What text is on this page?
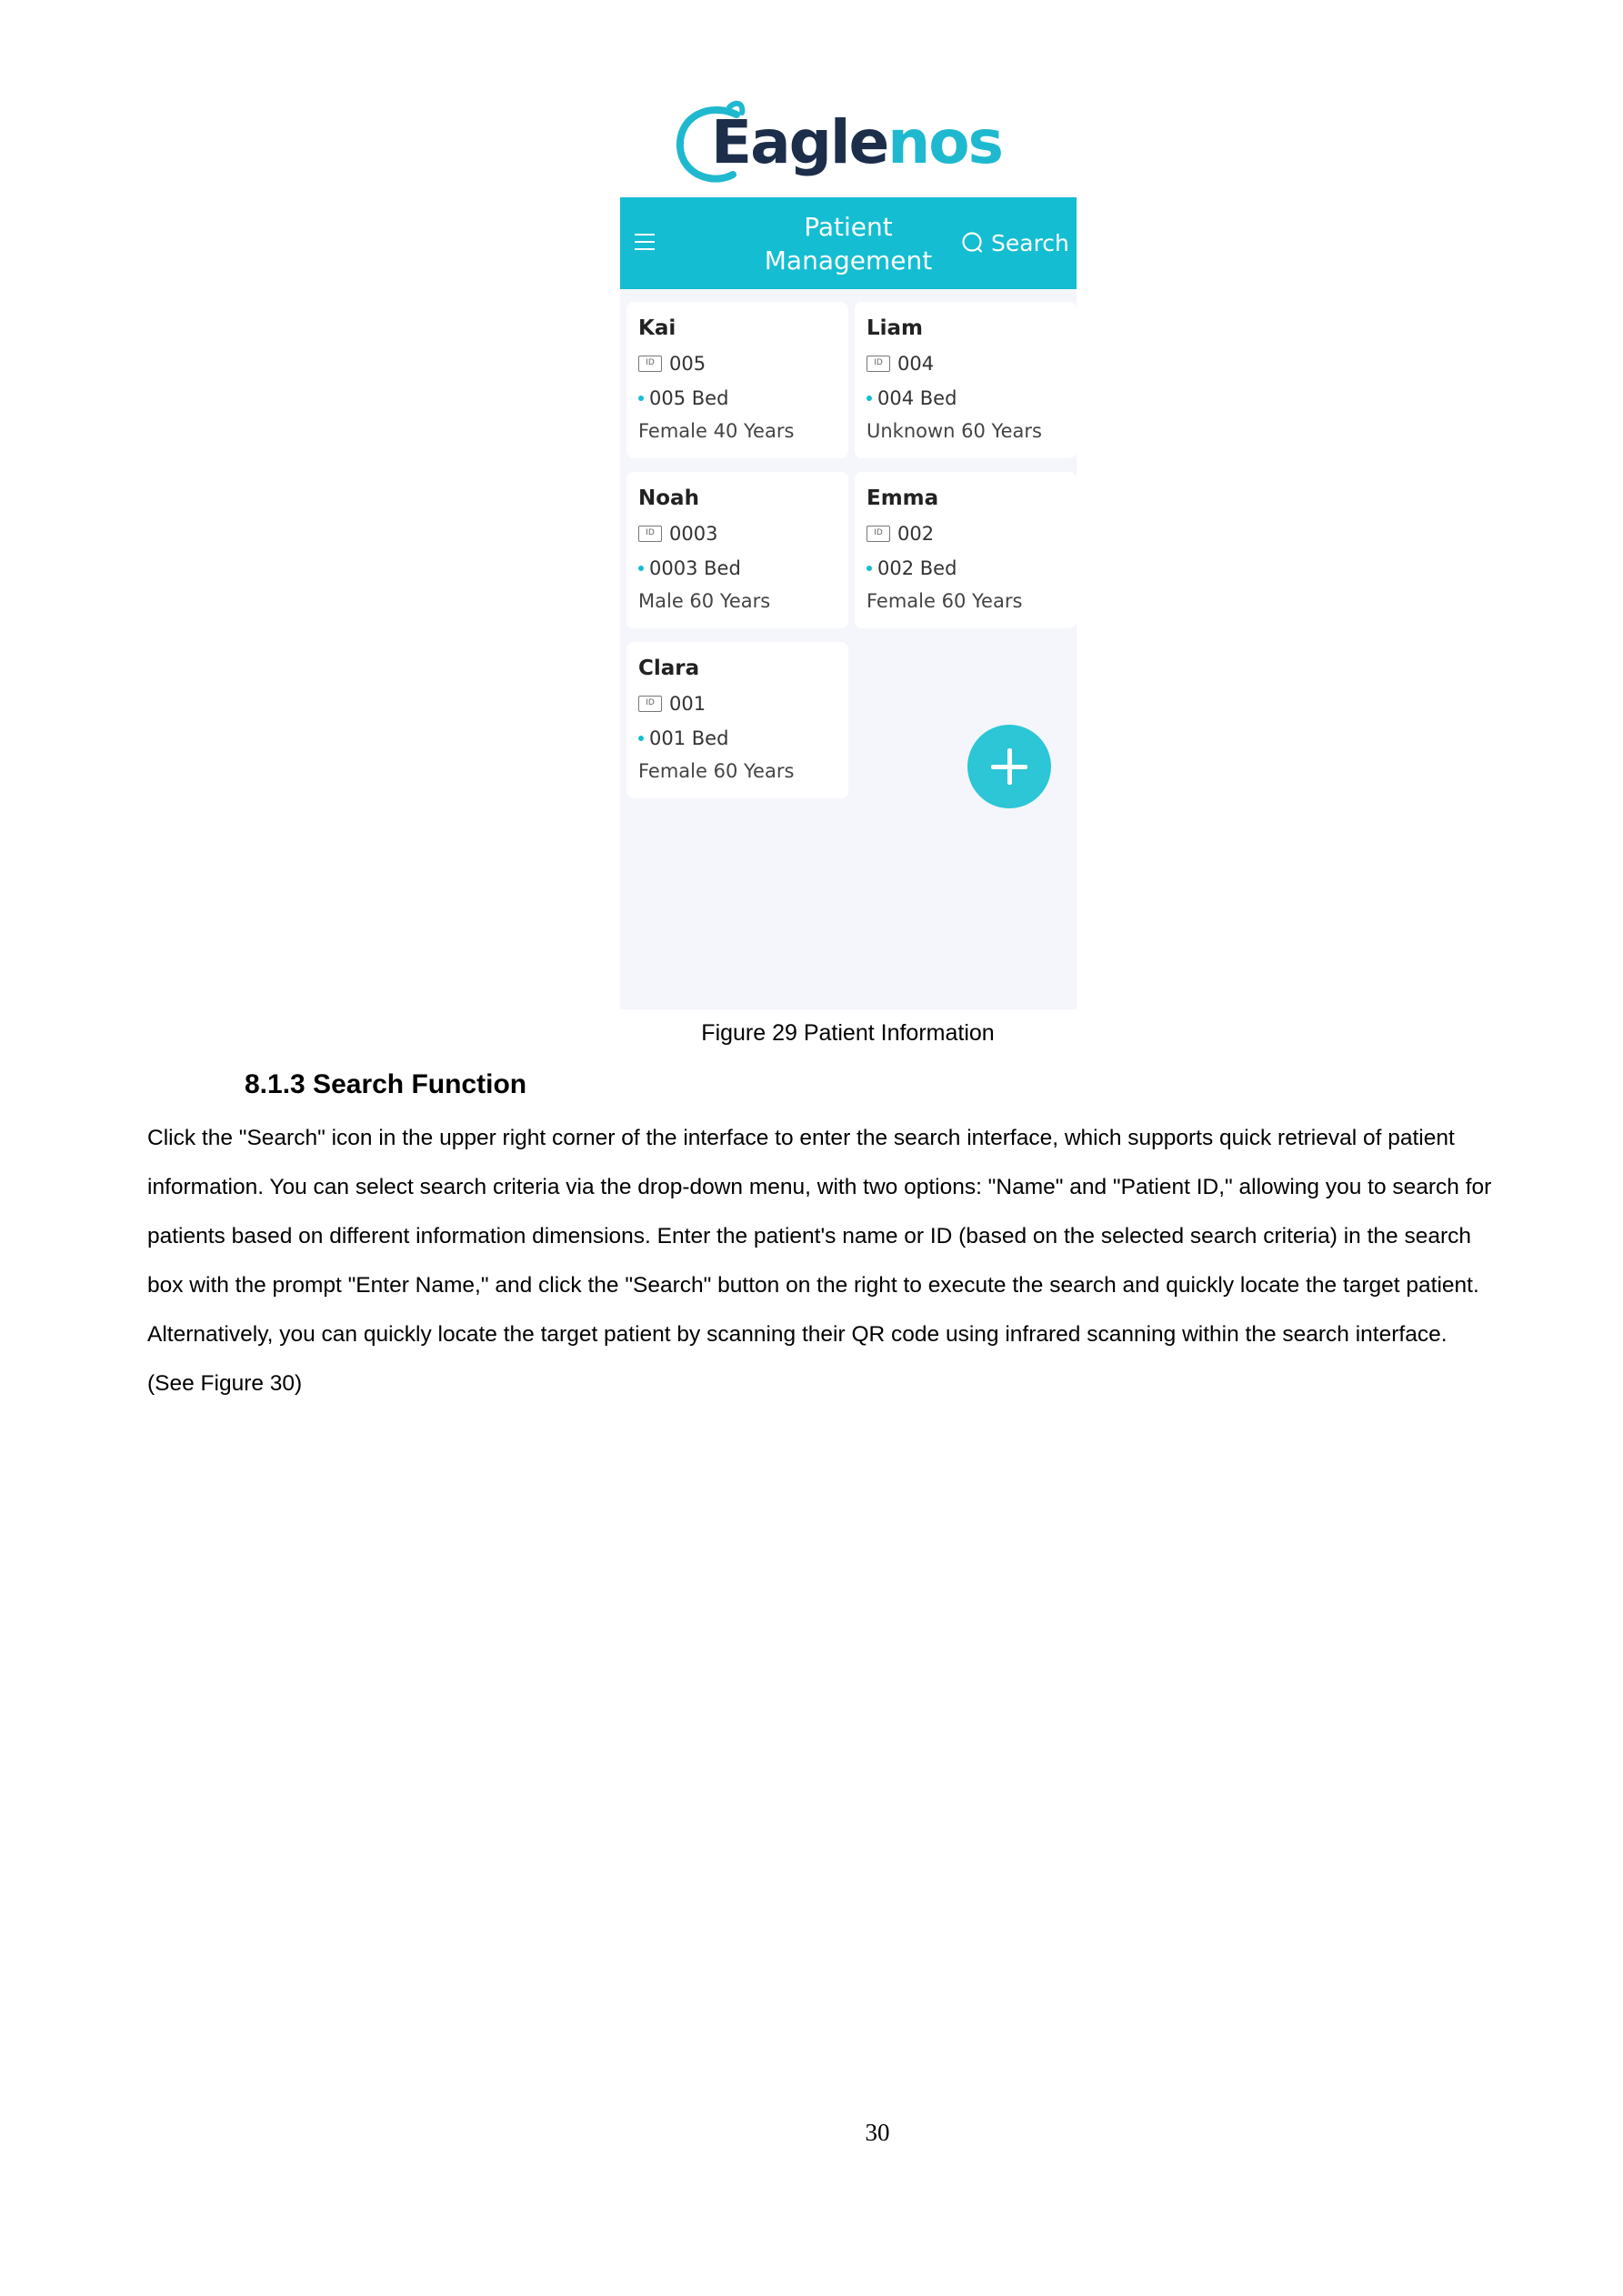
Eaglenos
Patient Management
Search
Kai
ID 005
005 Bed
Female 40 Years
Liam
ID 004
004 Bed
Unknown 60 Years
Noah
ID 0003
0003 Bed
Male 60 Years
Emma
ID 002
002 Bed
Female 60 Years
Clara
ID 001
001 Bed
Female 60 Years
Figure 29 Patient Information
8.1.3 Search Function
Click the "Search" icon in the upper right corner of the interface to enter the search interface, which supports quick retrieval of patient information. You can select search criteria via the drop-down menu, with two options: "Name" and "Patient ID," allowing you to search for patients based on different information dimensions. Enter the patient's name or ID (based on the selected search criteria) in the search box with the prompt "Enter Name," and click the "Search" button on the right to execute the search and quickly locate the target patient. Alternatively, you can quickly locate the target patient by scanning their QR code using infrared scanning within the search interface. (See Figure 30)
30
